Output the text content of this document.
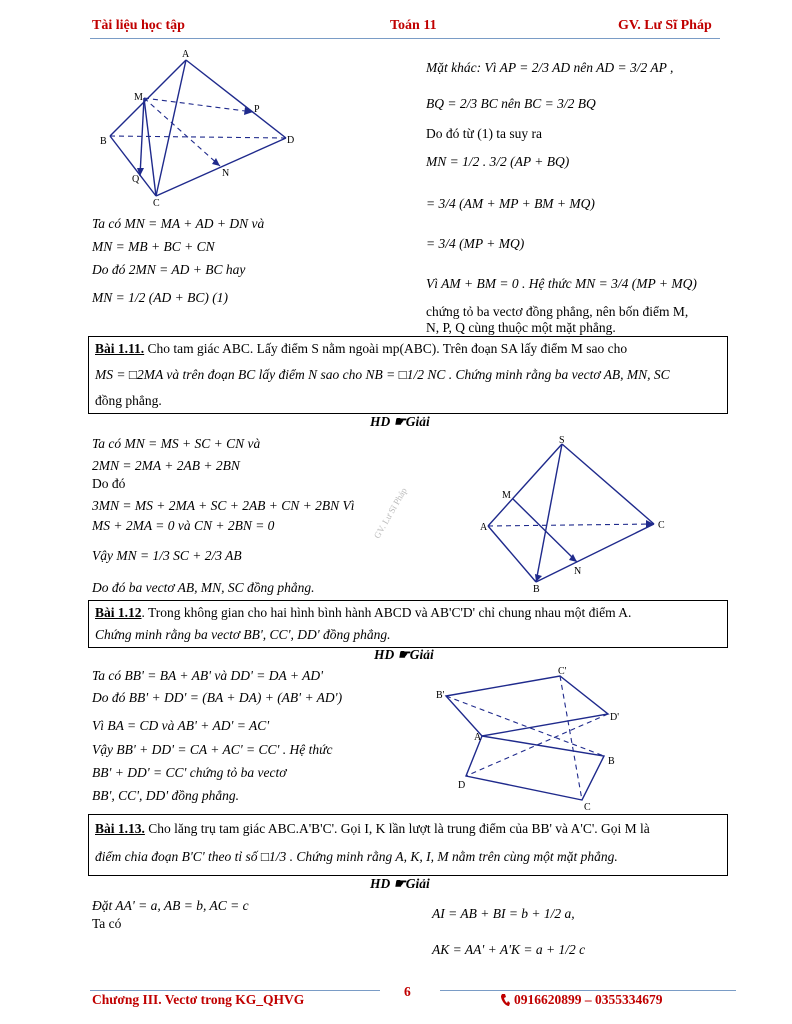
Tài liệu học tập	Toán 11	GV. Lư Sĩ Pháp
A
B
C
D
M
N
P
Q
Ta có MN = MA + AD + DN và
MN = MB + BC + CN
Do đó 2MN = AD + BC hay
MN = 1/2 (AD + BC) (1)
Mặt khác: Vì AP = 2/3 AD nên AD = 3/2 AP ,
BQ = 2/3 BC nên BC = 3/2 BQ
Do đó từ (1) ta suy ra
MN = 1/2 . 3/2 (AP + BQ)
= 3/4 (AM + MP + BM + MQ)
= 3/4 (MP + MQ)
Vì AM + BM = 0 . Hệ thức MN = 3/4 (MP + MQ)
chứng tỏ ba vectơ đồng phẳng, nên bốn điểm M,
N, P, Q cùng thuộc một mặt phẳng.
Bài 1.11. Cho tam giác ABC. Lấy điểm S nằm ngoài mp(ABC). Trên đoạn SA lấy điểm M sao cho
MS = □2MA và trên đoạn BC lấy điểm N sao cho NB = □1/2 NC . Chứng minh rằng ba vectơ AB, MN, SC
đồng phẳng.
HD ☛Giải
Ta có MN = MS + SC + CN và
2MN = 2MA + 2AB + 2BN
Do đó
3MN = MS + 2MA + SC + 2AB + CN + 2BN Vì
MS + 2MA = 0 và CN + 2BN = 0
Vậy MN = 1/3 SC + 2/3 AB
Do đó ba vectơ AB, MN, SC đồng phẳng.
GV. Lư Sĩ Pháp
S
M
A
B
C
N
Bài 1.12. Trong không gian cho hai hình bình hành ABCD và AB'C'D' chỉ chung nhau một điểm A.
Chứng minh rằng ba vectơ BB', CC', DD' đồng phẳng.
HD ☛Giải
Ta có BB' = BA + AB' và DD' = DA + AD'
Do đó BB' + DD' = (BA + DA) + (AB' + AD')
Vì BA = CD và AB' + AD' = AC'
Vậy BB' + DD' = CA + AC' = CC' . Hệ thức
BB' + DD' = CC' chứng tỏ ba vectơ
BB', CC', DD' đồng phẳng.
B'
C'
D'
A
B
C
D
Bài 1.13. Cho lăng trụ tam giác ABC.A'B'C'. Gọi I, K lần lượt là trung điểm của BB' và A'C'. Gọi M là
điểm chia đoạn B'C' theo tỉ số □1/3 . Chứng minh rằng A, K, I, M nằm trên cùng một mặt phẳng.
HD ☛Giải
Đặt AA' = a, AB = b, AC = c
Ta có
AI = AB + BI = b + 1/2 a,
AK = AA' + A'K = a + 1/2 c
Chương III. Vectơ trong KG_QHVG
6
0916620899 – 0355334679
